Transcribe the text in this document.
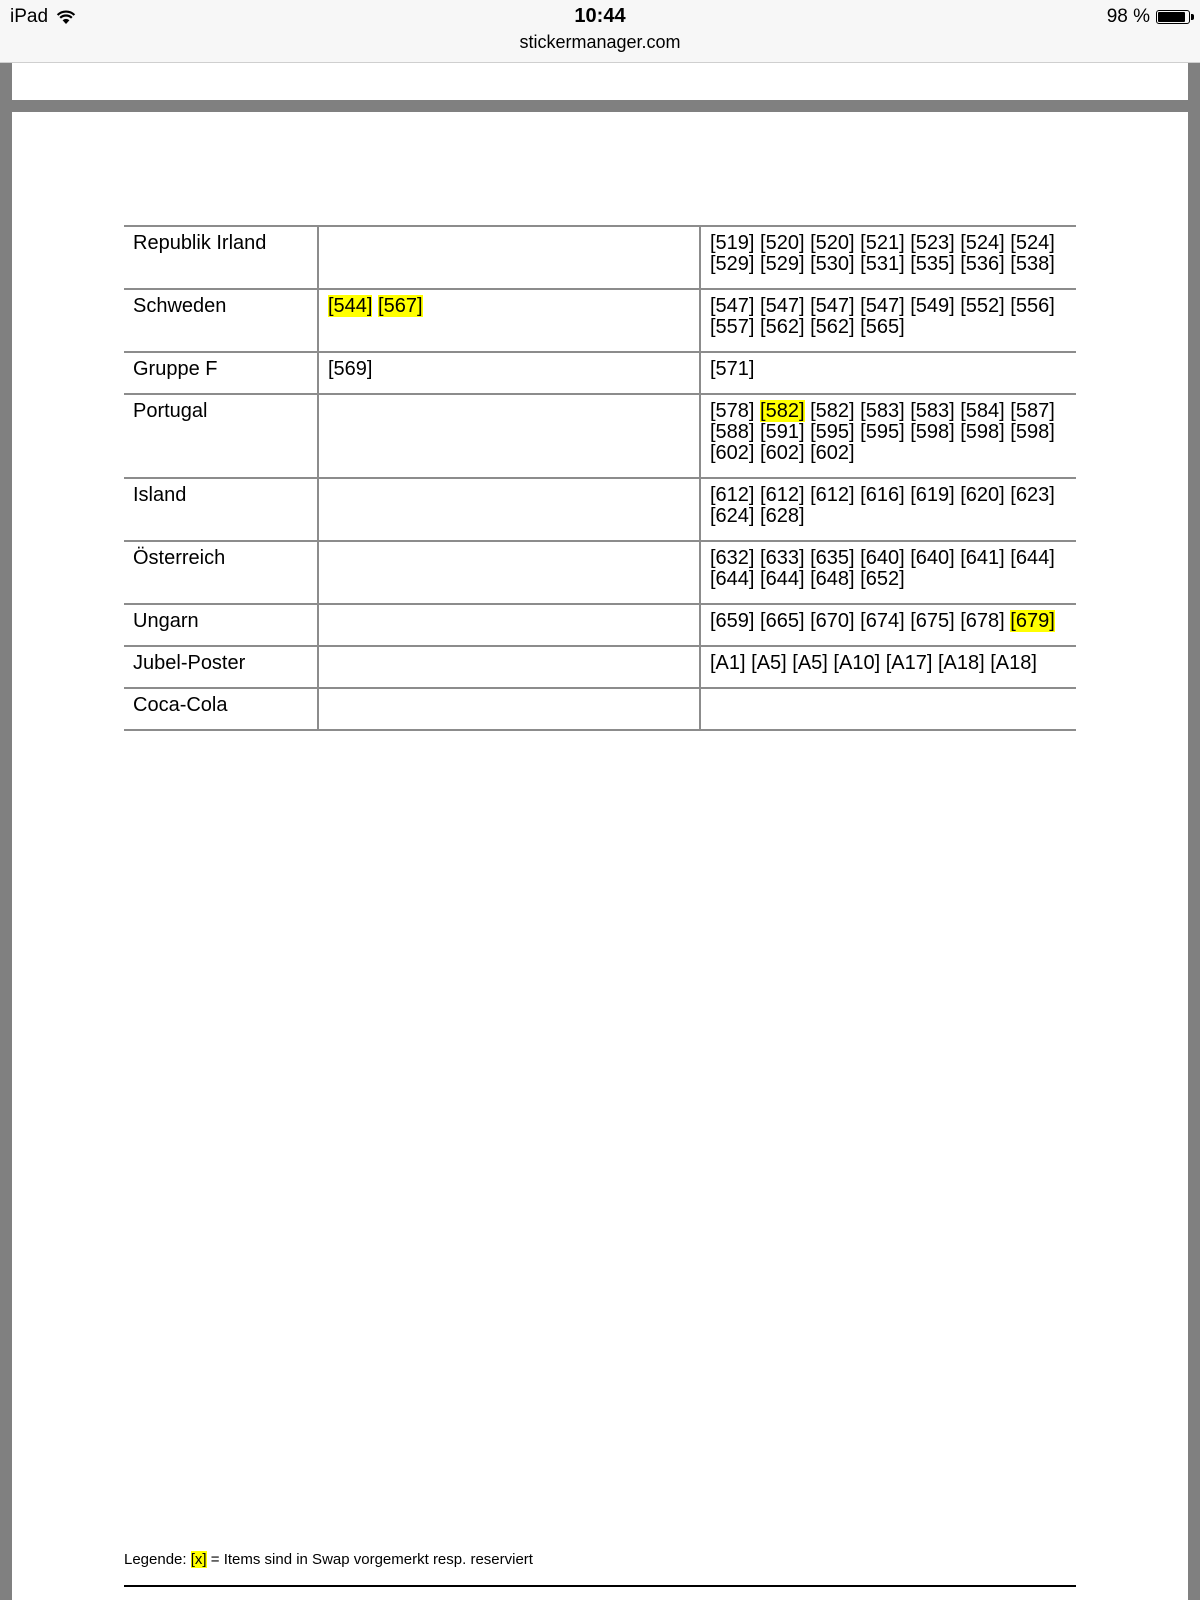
iPad	10:44
stickermanager.com
98 %
Republik Irland		[519] [520] [520] [521] [523] [524] [524] [529] [529] [530] [531] [535] [536] [538]
Schweden	[544] [567]	[547] [547] [547] [547] [549] [552] [556] [557] [562] [562] [565]
Gruppe F	[569]	[571]
Portugal		[578] [582] [582] [583] [583] [584] [587] [588] [591] [595] [595] [598] [598] [598] [602] [602] [602]
Island		[612] [612] [612] [616] [619] [620] [623] [624] [628]
Österreich		[632] [633] [635] [640] [640] [641] [644] [644] [644] [648] [652]
Ungarn		[659] [665] [670] [674] [675] [678] [679]
Jubel-Poster		[A1] [A5] [A5] [A10] [A17] [A18] [A18]
Coca-Cola		
Legende: [x] = Items sind in Swap vorgemerkt resp. reserviert
